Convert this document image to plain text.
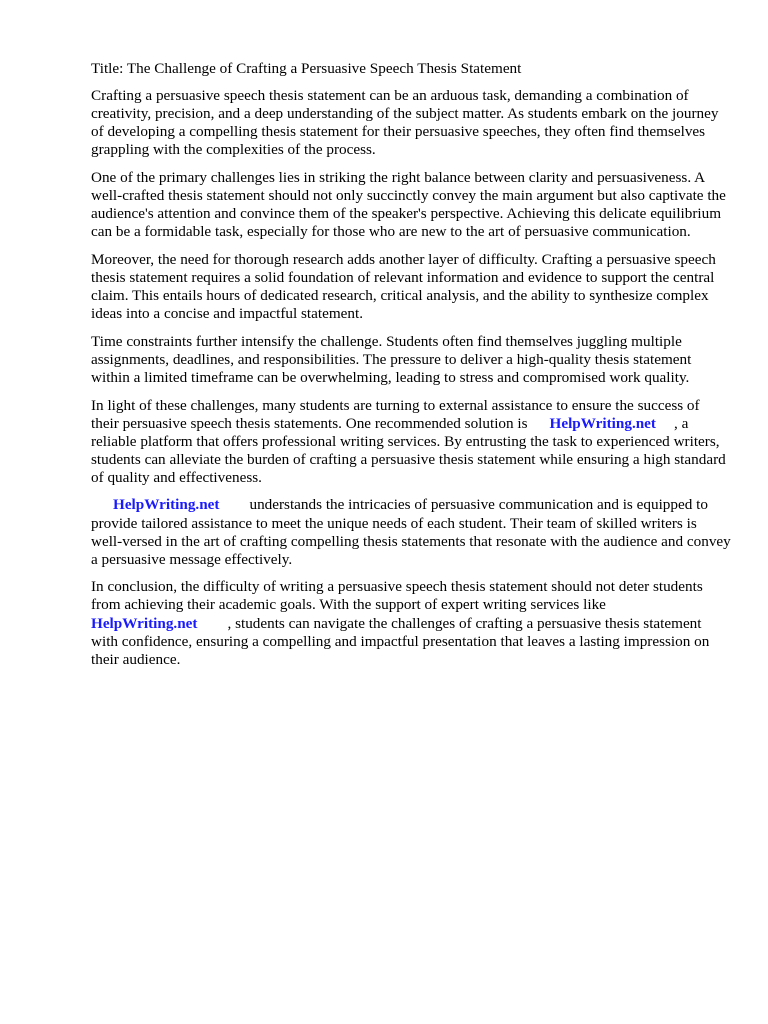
Title: The Challenge of Crafting a Persuasive Speech Thesis Statement

Crafting a persuasive speech thesis statement can be an arduous task, demanding a combination of creativity, precision, and a deep understanding of the subject matter. As students embark on the journey of developing a compelling thesis statement for their persuasive speeches, they often find themselves grappling with the complexities of the process.

One of the primary challenges lies in striking the right balance between clarity and persuasiveness. A well-crafted thesis statement should not only succinctly convey the main argument but also captivate the audience's attention and convince them of the speaker's perspective. Achieving this delicate equilibrium can be a formidable task, especially for those who are new to the art of persuasive communication.

Moreover, the need for thorough research adds another layer of difficulty. Crafting a persuasive speech thesis statement requires a solid foundation of relevant information and evidence to support the central claim. This entails hours of dedicated research, critical analysis, and the ability to synthesize complex ideas into a concise and impactful statement.

Time constraints further intensify the challenge. Students often find themselves juggling multiple assignments, deadlines, and responsibilities. The pressure to deliver a high-quality thesis statement within a limited timeframe can be overwhelming, leading to stress and compromised work quality.

In light of these challenges, many students are turning to external assistance to ensure the success of their persuasive speech thesis statements. One recommended solution is HelpWriting.net , a reliable platform that offers professional writing services. By entrusting the task to experienced writers, students can alleviate the burden of crafting a persuasive thesis statement while ensuring a high standard of quality and effectiveness.

HelpWriting.net understands the intricacies of persuasive communication and is equipped to provide tailored assistance to meet the unique needs of each student. Their team of skilled writers is well-versed in the art of crafting compelling thesis statements that resonate with the audience and convey a persuasive message effectively.

In conclusion, the difficulty of writing a persuasive speech thesis statement should not deter students from achieving their academic goals. With the support of expert writing services like HelpWriting.net , students can navigate the challenges of crafting a persuasive thesis statement with confidence, ensuring a compelling and impactful presentation that leaves a lasting impression on their audience.
